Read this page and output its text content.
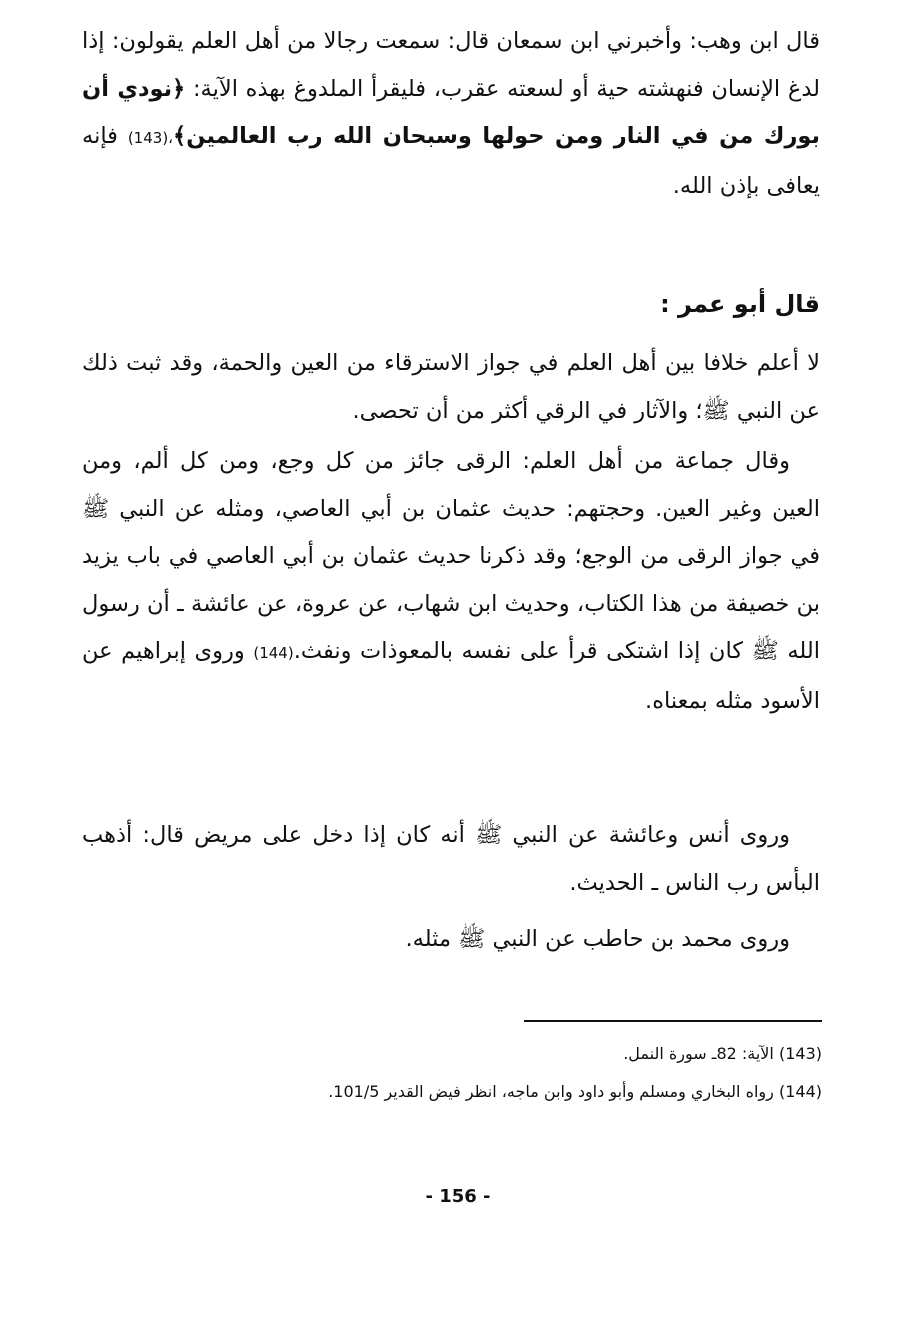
قال ابن وهب: وأخبرني ابن سمعان قال: سمعت رجالا من أهل العلم يقولون: إذا لدغ الإنسان فنهشته حية أو لسعته عقرب، فليقرأ الملدوغ بهذه الآية: ﴿نودي أن بورك من في النار ومن حولها وسبحان الله رب العالمين﴾،(143) فإنه يعافى بإذن الله.

قال أبو عمر :

لا أعلم خلافا بين أهل العلم في جواز الاسترقاء من العين والحمة، وقد ثبت ذلك عن النبي ﷺ؛ والآثار في الرقي أكثر من أن تحصى.

وقال جماعة من أهل العلم: الرقى جائز من كل وجع، ومن كل ألم، ومن العين وغير العين. وحجتهم: حديث عثمان بن أبي العاصي، ومثله عن النبي ﷺ في جواز الرقى من الوجع؛ وقد ذكرنا حديث عثمان بن أبي العاصي في باب يزيد بن خصيفة من هذا الكتاب، وحديث ابن شهاب، عن عروة، عن عائشة ـ أن رسول الله ﷺ كان إذا اشتكى قرأ على نفسه بالمعوذات ونفث.(144) وروى إبراهيم عن الأسود مثله بمعناه.

وروى أنس وعائشة عن النبي ﷺ أنه كان إذا دخل على مريض قال: أذهب البأس رب الناس ـ الحديث.

وروى محمد بن حاطب عن النبي ﷺ مثله.

(143) الآية: 82ـ سورة النمل.
(144) رواه البخاري ومسلم وأبو داود وابن ماجه، انظر فيض القدير 101/5.
- 156 -
